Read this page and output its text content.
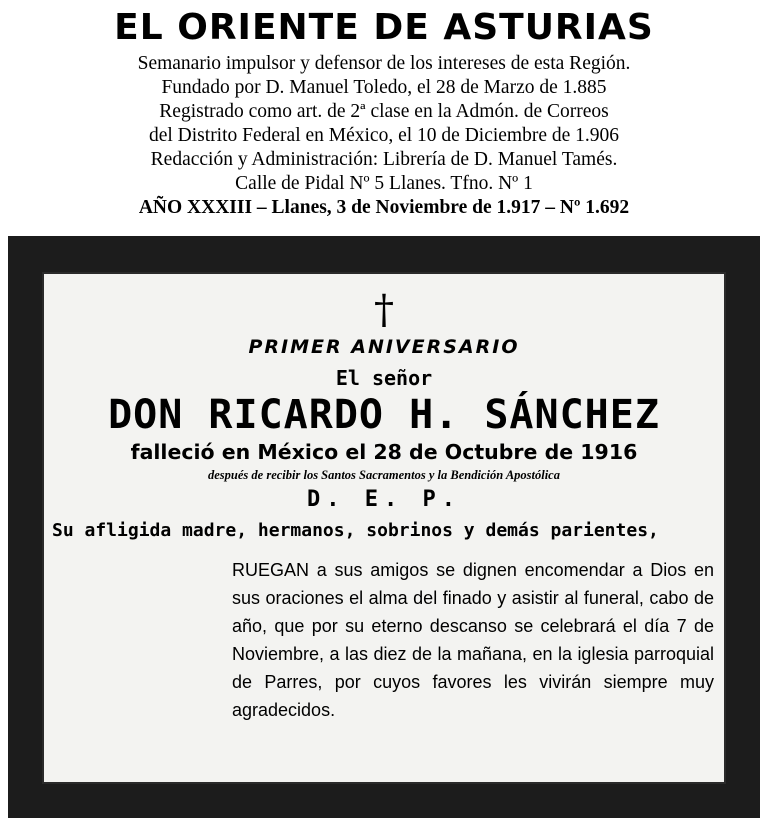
EL ORIENTE DE ASTURIAS
Semanario impulsor y defensor de los intereses de esta Región.
Fundado por D. Manuel Toledo, el 28 de Marzo de 1.885
Registrado como art. de 2ª clase en la Admón. de Correos
del Distrito Federal en México, el 10 de Diciembre de 1.906
Redacción y Administración: Librería de D. Manuel Tamés.
Calle de Pidal Nº 5 Llanes. Tfno. Nº 1
AÑO XXXIII – Llanes, 3 de Noviembre de 1.917 – Nº 1.692
†
PRIMER ANIVERSARIO
El señor
DON RICARDO H. SÁNCHEZ
falleció en México el 28 de Octubre de 1916
después de recibir los Santos Sacramentos y la Bendición Apostólica
D. E. P.
Su afligida madre, hermanos, sobrinos y demás parientes,

RUEGAN a sus amigos se dignen encomendar a Dios en sus oraciones el alma del finado y asistir al funeral, cabo de año, que por su eterno descanso se celebrará el día 7 de Noviembre, a las diez de la mañana, en la iglesia parroquial de Parres, por cuyos favores les vivirán siempre muy agradecidos.
